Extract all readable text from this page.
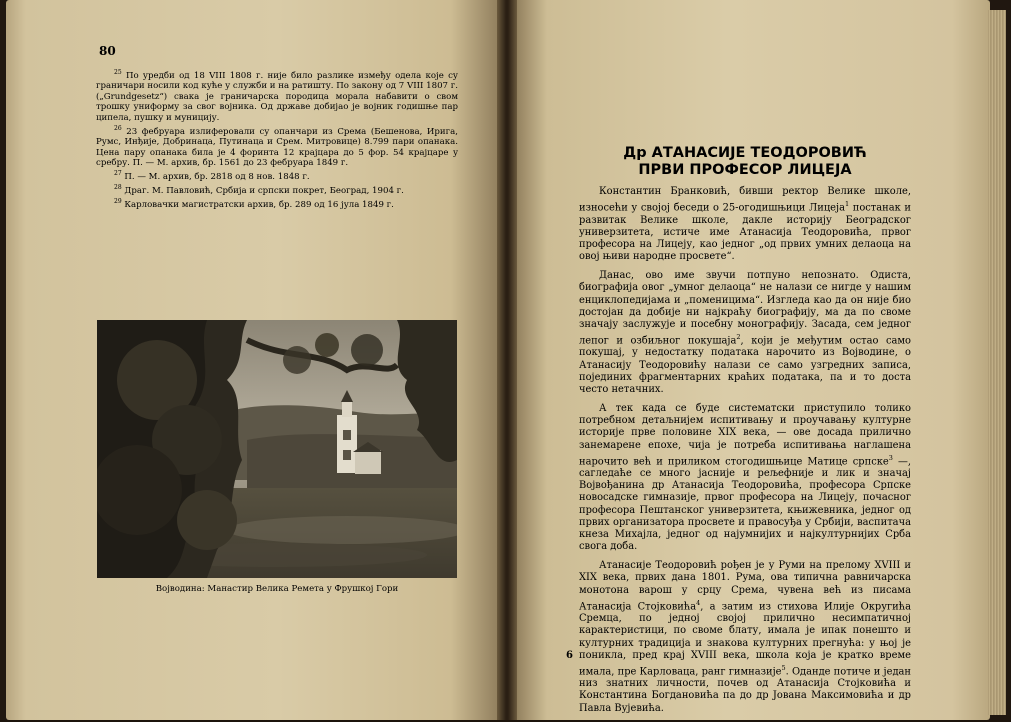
80

$^{25}$ По уредби од 18 VIII 1808 г. није било разлике између одела које су граничари носили код куће у служби и на ратишту. По закону од 7 VIII 1807 г. („Grundgesetz“) свака је граничарска породица морала набавити о свом трошку униформу за свог војника. Од државе добијао је војник годишње пар ципела, пушку и муницију.

$^{26}$ 23 фебруара излиферовали су опанчари из Срема (Бешенова, Ирига, Румс, Инђије, Добринаца, Путинаца и Срем. Митровице) 8.799 пари опанака. Цена пару опанака била је 4 форинта 12 крајцара до 5 фор. 54 крајцаре у сребру. П. — М. архив, бр. 1561 до 23 фебруара 1849 г.

$^{27}$ П. — М. архив, бр. 2818 од 8 нов. 1848 г.

$^{28}$ Драг. М. Павловић, Србија и српски покрет, Београд, 1904 г.

$^{29}$ Карловачки магистратски архив, бр. 289 од 16 јула 1849 г.

Војводина: Манастир Велика Ремета у Фрушкој Гори
Др АТАНАСИЈЕ ТЕОДОРОВИЋ
ПРВИ ПРОФЕСОР ЛИЦЕЈА

Константин Бранковић, бивши ректор Велике школе, износећи у својој беседи о 25-огодишњици Лицеја$^1$ постанак и развитак Велике школе, дакле историју Београдског универзитета, истиче име Атанасија Теодоровића, првог професора на Лицеју, као једног „од првих умних делаоца на овој њиви народне просвете“.

Данас, ово име звучи потпуно непознато. Одиста, биографија овог „умног делаоца“ не налази се нигде у нашим енциклопедијама и „поменицима“. Изгледа као да он није био достојан да добије ни најкраћу биографију, ма да по своме значају заслужује и посебну монографију. Засада, сем једног лепог и озбиљног покушаја$^2$, који је међутим остао само покушај, у недостатку података нарочито из Војводине, о Атанасију Теодоровићу налази се само узгредних записа, појединих фрагментарних краћих података, па и то доста често нетачних.

А тек када се буде систематски приступило толико потребном детаљнијем испитивању и проучавању културне историје прве половине XIX века, — ове досада прилично занемарене епохе, чија је потреба испитивања наглашена нарочито већ и приликом стогодишњице Матице српске$^3$ —, сагледаће се много јасније и рељефније и лик и значај Војвођанина др Атанасија Теодоровића, професора Српске новосадске гимназије, првог професора на Лицеју, почасног професора Пештанског универзитета, књижевника, једног од првих организатора просвете и правосуђа у Србији, васпитача кнеза Михајла, једног од најумнијих и најкултурнијих Срба свога доба.

Атанасије Теодоровић рођен је у Руми на прелому XVIII и XIX века, првих дана 1801. Рума, ова типична равничарска монотона варош у срцу Срема, чувена већ из писама Атанасија Стојковића$^4$, а затим из стихова Илије Округића Сремца, по једној својој прилично несимпатичној карактеристици, по своме блату, имала је ипак понешто и културних традиција и знакова културних прегнућа: у њој је поникла, пред крај XVIII века, школа која је кратко време имала, пре Карловаца, ранг гимназије$^5$. Оданде потиче и један низ знатних личности, почев од Атанасија Стојковића и Константина Богдановића па до др Јована Максимовића и др Павла Вујевића.

6
